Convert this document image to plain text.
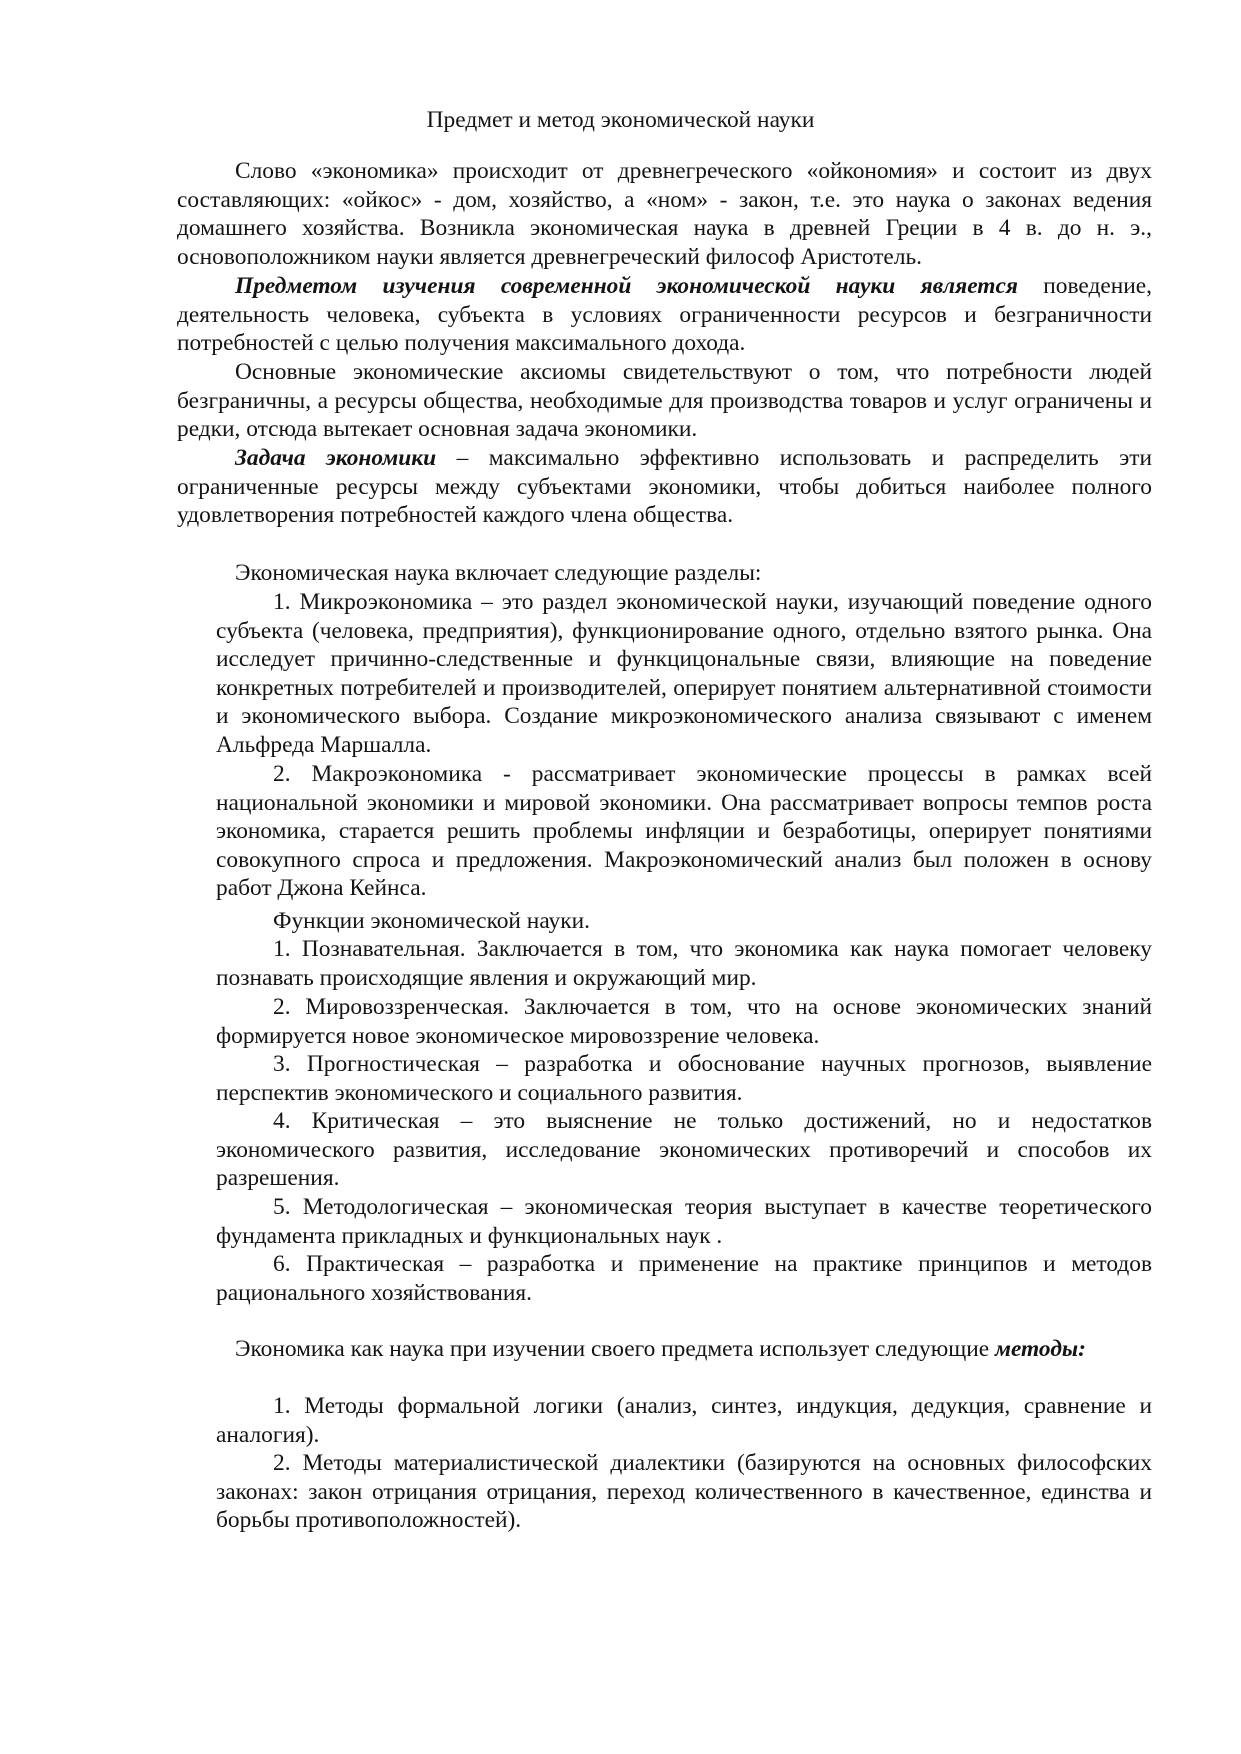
Предмет и метод экономической науки

Слово «экономика» происходит от древнегреческого «ойкономия» и состоит из двух составляющих: «ойкос» - дом, хозяйство, а «ном» - закон, т.е. это наука о законах ведения домашнего хозяйства. Возникла экономическая наука в древней Греции в 4 в. до н. э., основоположником науки является древнегреческий философ Аристотель.

Предметом изучения современной экономической науки является поведение, деятельность человека, субъекта в условиях ограниченности ресурсов и безграничности потребностей с целью получения максимального дохода.

Основные экономические аксиомы свидетельствуют о том, что потребности людей безграничны, а ресурсы общества, необходимые для производства товаров и услуг ограничены и редки, отсюда вытекает основная задача экономики.

Задача экономики – максимально эффективно использовать и распределить эти ограниченные ресурсы между субъектами экономики, чтобы добиться наиболее полного удовлетворения потребностей каждого члена общества.

Экономическая наука включает следующие разделы:

1. Микроэкономика – это раздел экономической науки, изучающий поведение одного субъекта (человека, предприятия), функционирование одного, отдельно взятого рынка. Она исследует причинно-следственные и функцицональные связи, влияющие на поведение конкретных потребителей и производителей, оперирует понятием альтернативной стоимости и экономического выбора. Создание микроэкономического анализа связывают с именем Альфреда Маршалла.

2. Макроэкономика - рассматривает экономические процессы в рамках всей национальной экономики и мировой экономики. Она рассматривает вопросы темпов роста экономика, старается решить проблемы инфляции и безработицы, оперирует понятиями совокупного спроса и предложения. Макроэкономический анализ был положен в основу работ Джона Кейнса.

Функции экономической науки.

1. Познавательная. Заключается в том, что экономика как наука помогает человеку познавать происходящие явления и окружающий мир.

2. Мировоззренческая. Заключается в том, что на основе экономических знаний формируется новое экономическое мировоззрение человека.

3. Прогностическая – разработка и обоснование научных прогнозов, выявление перспектив экономического и социального развития.

4. Критическая – это выяснение не только достижений, но и недостатков экономического развития, исследование экономических противоречий и способов их разрешения.

5. Методологическая – экономическая теория выступает в качестве теоретического фундамента прикладных и функциональных наук .

6. Практическая – разработка и применение на практике принципов и методов рационального хозяйствования.

Экономика как наука при изучении своего предмета использует следующие методы:

1. Методы формальной логики (анализ, синтез, индукция, дедукция, сравнение и аналогия).

2. Методы материалистической диалектики (базируются на основных философских законах: закон отрицания отрицания, переход количественного в качественное, единства и борьбы противоположностей).
